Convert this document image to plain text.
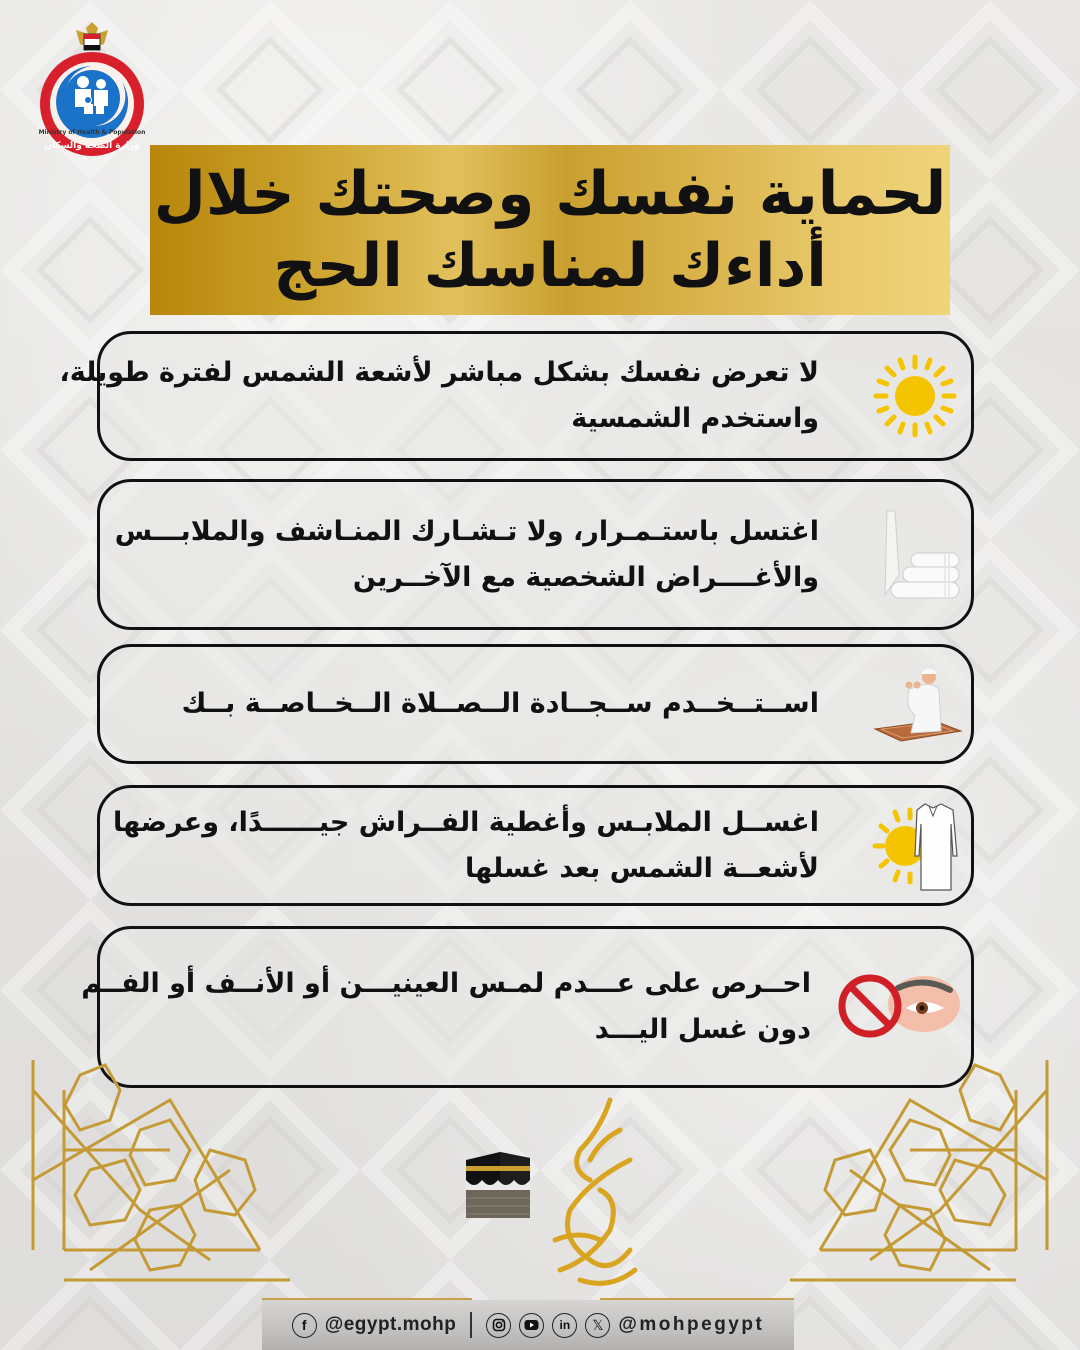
Ministry of Health & Population
وزارة الصحة والسكان
لحماية نفسك وصحتك خلال
أداءك لمناسك الحج
لا تعرض نفسك بشكل مباشر لأشعة الشمس لفترة طويلة،
واستخدم الشمسية
اغتسل باستـمـرار، ولا تـشـارك المنـاشف والملابـــس
والأغــــراض الشخصية مع الآخــرين
اســتــخــدم ســجــادة الــصــلاة الــخــاصــة بــك
اغســل الملابـس وأغطية الفــراش جيــــــدًا، وعرضها
لأشعــة الشمس بعد غسلها
احــرص على عـــدم لمـس العينيـــن أو الأنــف أو الفــم
دون غسل اليـــد
f @egypt.mohp	in	𝕏 @mohpegypt
